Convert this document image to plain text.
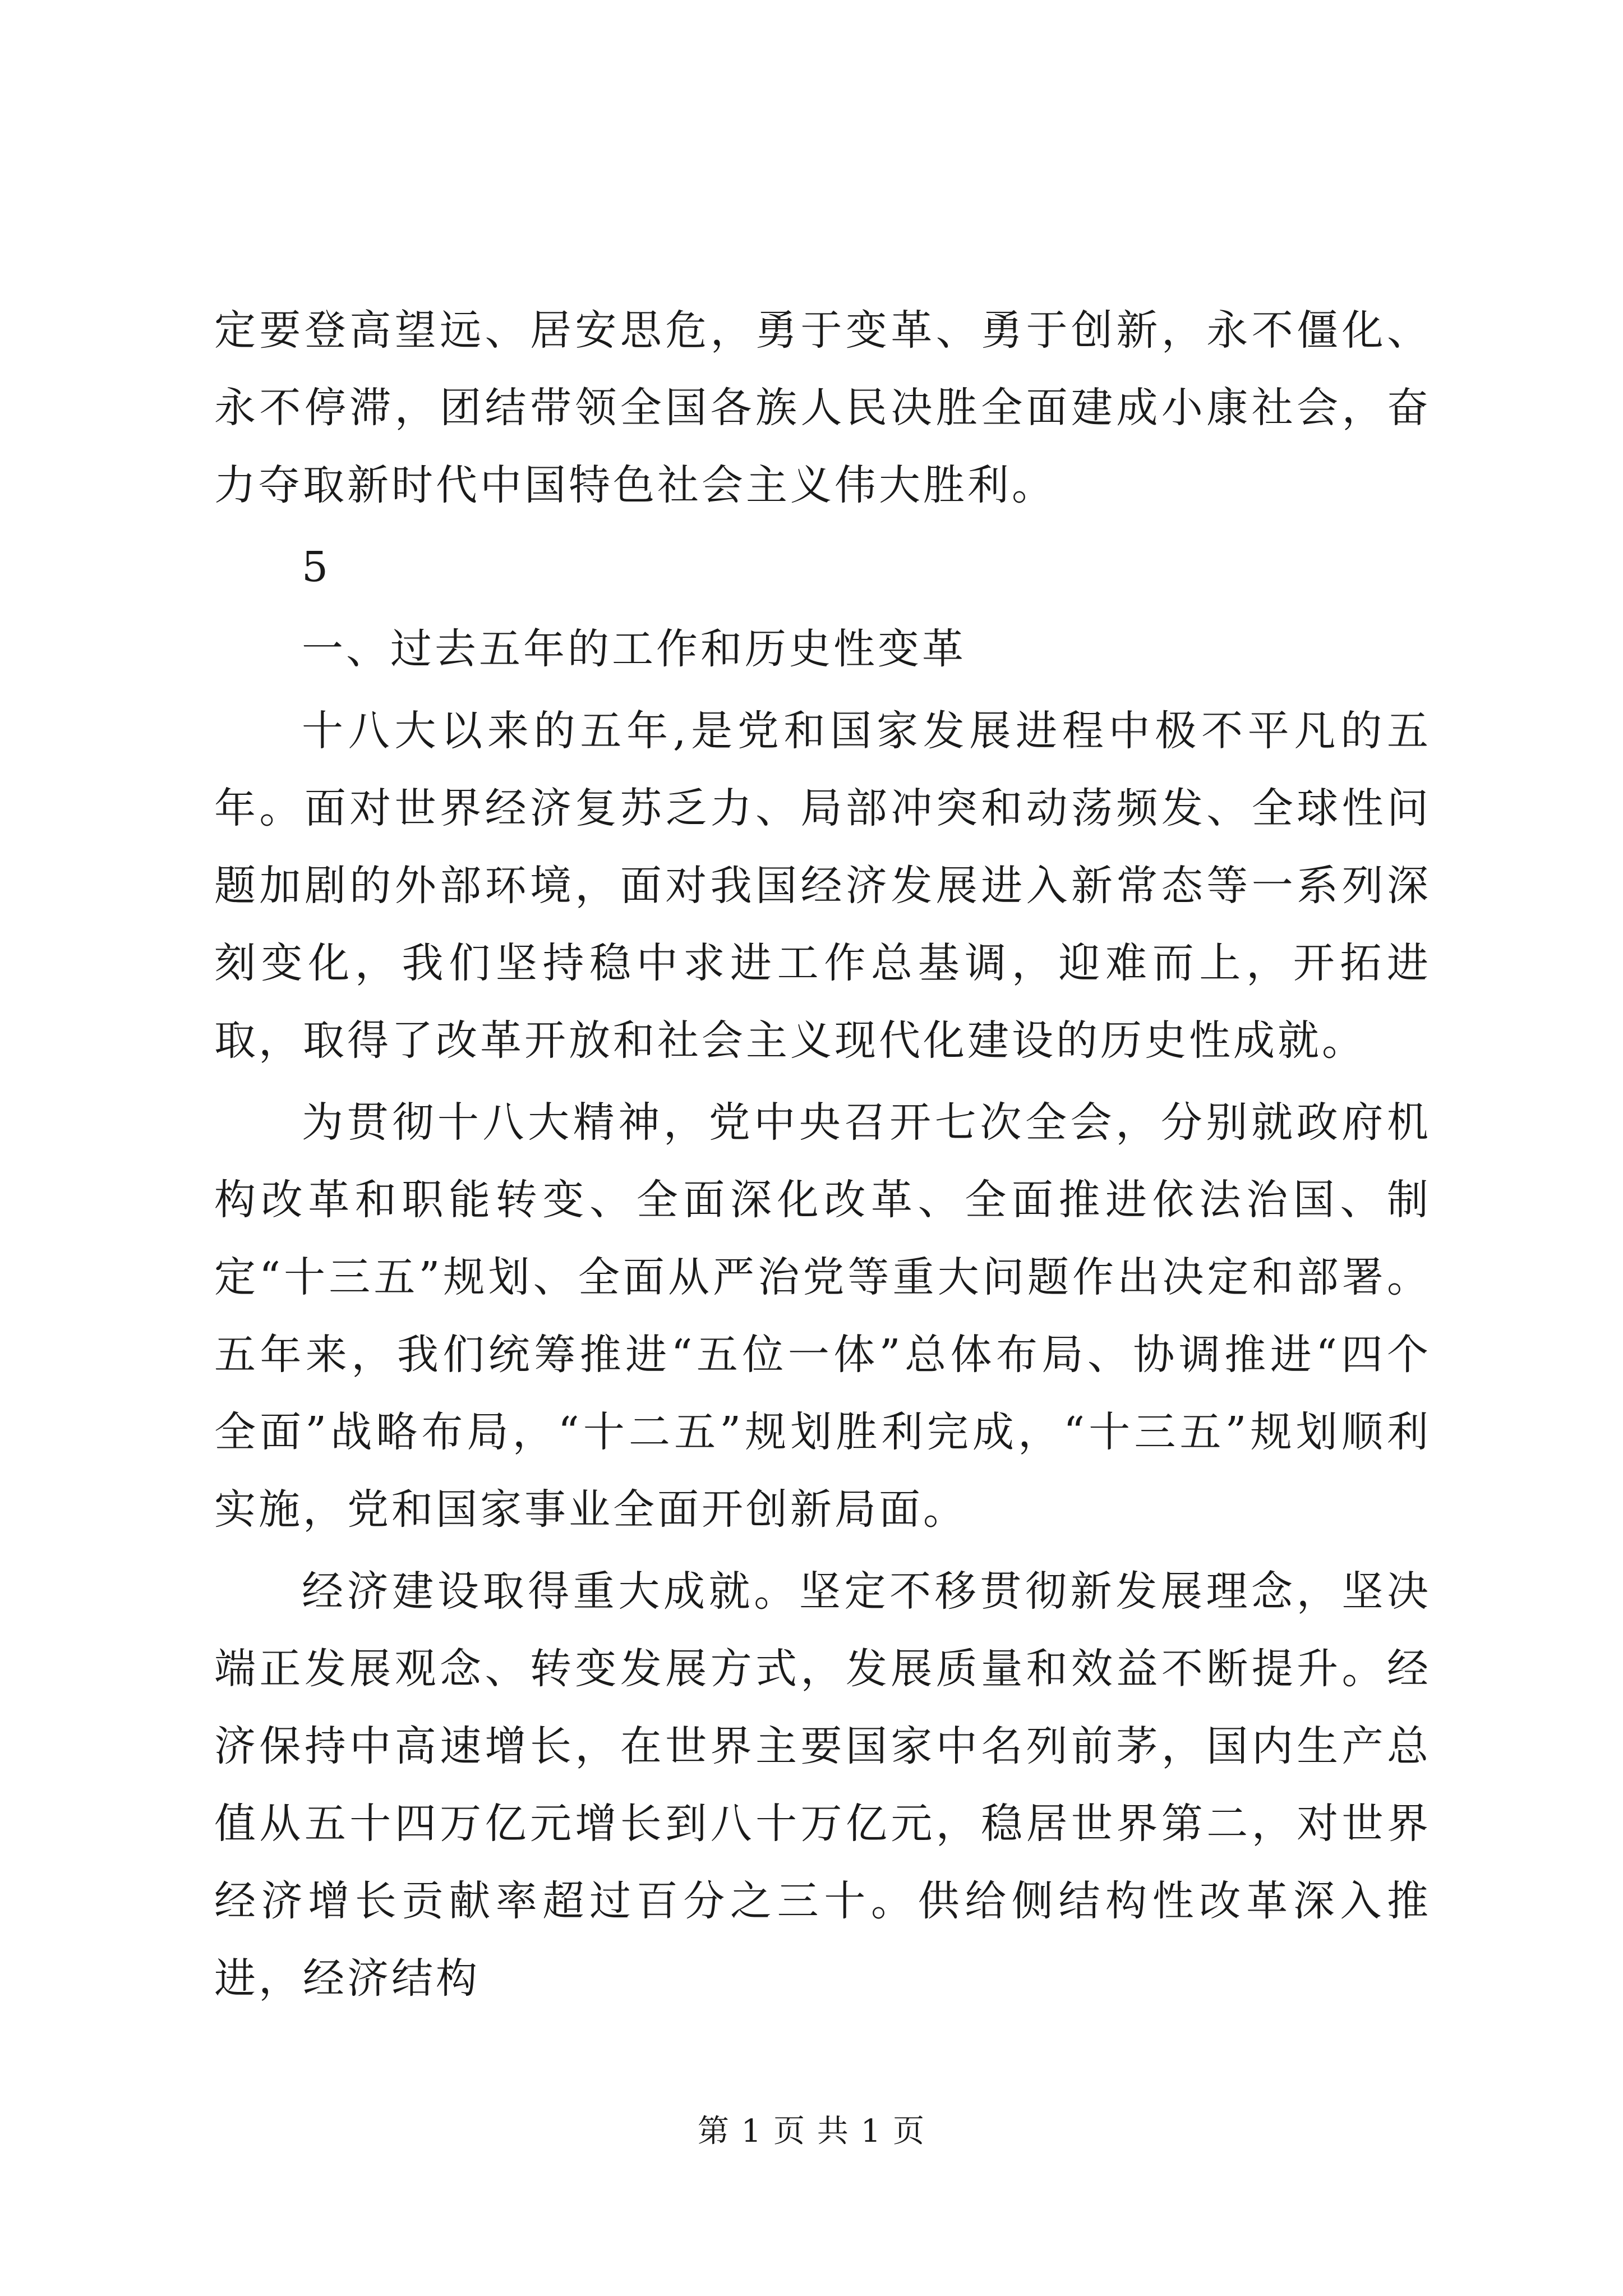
定要登高望远、居安思危，勇于变革、勇于创新，永不僵化、永不停滞，团结带领全国各族人民决胜全面建成小康社会，奋力夺取新时代中国特色社会主义伟大胜利。

5

一、过去五年的工作和历史性变革

十八大以来的五年,是党和国家发展进程中极不平凡的五年。面对世界经济复苏乏力、局部冲突和动荡频发、全球性问题加剧的外部环境，面对我国经济发展进入新常态等一系列深刻变化，我们坚持稳中求进工作总基调，迎难而上，开拓进取，取得了改革开放和社会主义现代化建设的历史性成就。

为贯彻十八大精神，党中央召开七次全会，分别就政府机构改革和职能转变、全面深化改革、全面推进依法治国、制定“十三五”规划、全面从严治党等重大问题作出决定和部署。五年来，我们统筹推进“五位一体”总体布局、协调推进“四个全面”战略布局，“十二五”规划胜利完成，“十三五”规划顺利实施，党和国家事业全面开创新局面。

经济建设取得重大成就。坚定不移贯彻新发展理念，坚决端正发展观念、转变发展方式，发展质量和效益不断提升。经济保持中高速增长，在世界主要国家中名列前茅，国内生产总值从五十四万亿元增长到八十万亿元，稳居世界第二，对世界经济增长贡献率超过百分之三十。供给侧结构性改革深入推进，经济结构

第 1 页 共 1 页
